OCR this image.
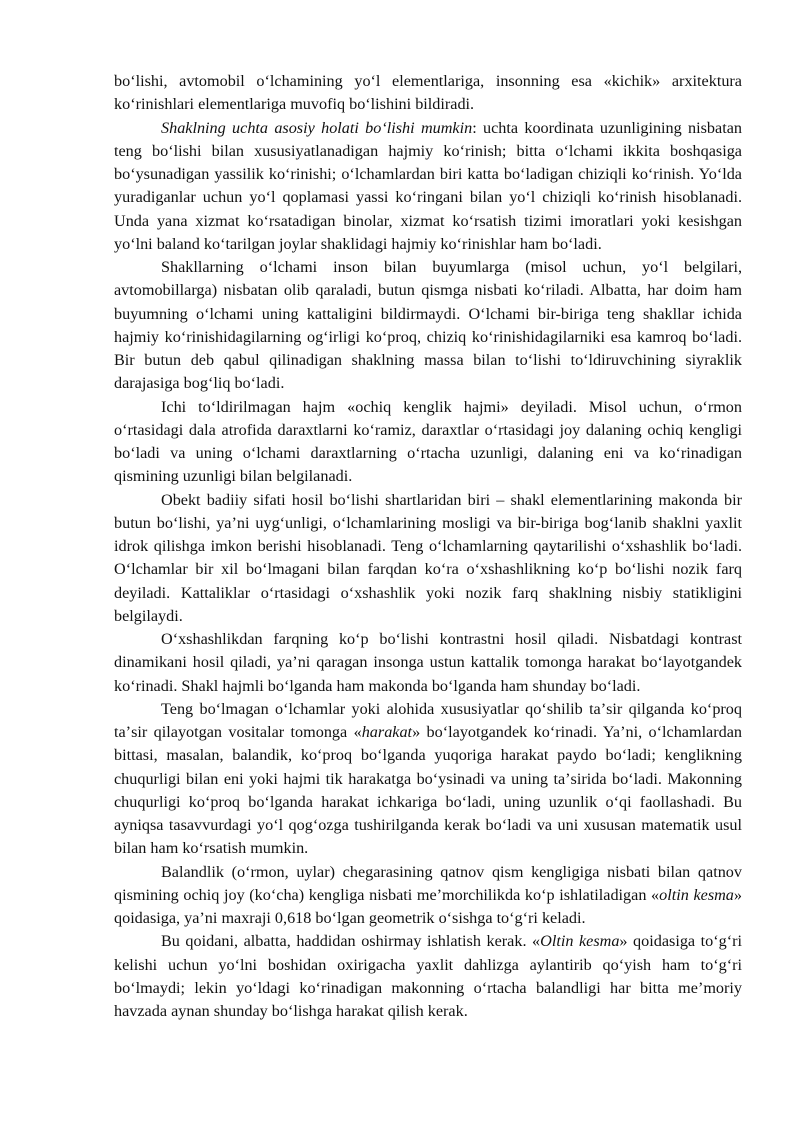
boʻlishi, avtomobil oʻlchamining yoʻl elementlariga, insonning esa «kichik» arxitektura koʻrinishlari elementlariga muvofiq boʻlishini bildiradi.

Shaklning uchta asosiy holati boʻlishi mumkin: uchta koordinata uzunligining nisbatan teng boʻlishi bilan xususiyatlanadigan hajmiy koʻrinish; bitta oʻlchami ikkita boshqasiga boʻysunadigan yassilik koʻrinishi; oʻlchamlardan biri katta boʻladigan chiziqli koʻrinish. Yoʻlda yuradiganlar uchun yoʻl qoplamasi yassi koʻringani bilan yoʻl chiziqli koʻrinish hisoblanadi. Unda yana xizmat koʻrsatadigan binolar, xizmat koʻrsatish tizimi imoratlari yoki kesishgan yoʻlni baland koʻtarilgan joylar shaklidagi hajmiy koʻrinishlar ham boʻladi.

Shakllarning oʻlchami inson bilan buyumlarga (misol uchun, yoʻl belgilari, avtomobillarga) nisbatan olib qaraladi, butun qismga nisbati koʻriladi. Albatta, har doim ham buyumning oʻlchami uning kattaligini bildirmaydi. Oʻlchami bir-biriga teng shakllar ichida hajmiy koʻrinishidagilarning ogʻirligi koʻproq, chiziq koʻrinishidagilarniki esa kamroq boʻladi. Bir butun deb qabul qilinadigan shaklning massa bilan toʻlishi toʻldiruvchining siyraklik darajasiga bogʻliq boʻladi.

Ichi toʻldirilmagan hajm «ochiq kenglik hajmi» deyiladi. Misol uchun, oʻrmon oʻrtasidagi dala atrofida daraxtlarni koʻramiz, daraxtlar oʻrtasidagi joy dalaning ochiq kengligi boʻladi va uning oʻlchami daraxtlarning oʻrtacha uzunligi, dalaning eni va koʻrinadigan qismining uzunligi bilan belgilanadi.

Obekt badiiy sifati hosil boʻlishi shartlaridan biri – shakl elementlarining makonda bir butun boʻlishi, yaʼni uygʻunligi, oʻlchamlarining mosligi va bir-biriga bogʻlanib shaklni yaxlit idrok qilishga imkon berishi hisoblanadi. Teng oʻlchamlarning qaytarilishi oʻxshashlik boʻladi. Oʻlchamlar bir xil boʻlmagani bilan farqdan koʻra oʻxshashlikning koʻp boʻlishi nozik farq deyiladi. Kattaliklar oʻrtasidagi oʻxshashlik yoki nozik farq shaklning nisbiy statikligini belgilaydi.

Oʻxshashlikdan farqning koʻp boʻlishi kontrastni hosil qiladi. Nisbatdagi kontrast dinamikani hosil qiladi, yaʼni qaragan insonga ustun kattalik tomonga harakat boʻlayotgandek koʻrinadi. Shakl hajmli boʻlganda ham makonda boʻlganda ham shunday boʻladi.

Teng boʻlmagan oʻlchamlar yoki alohida xususiyatlar qoʻshilib taʼsir qilganda koʻproq taʼsir qilayotgan vositalar tomonga «harakat» boʻlayotgandek koʻrinadi. Yaʼni, oʻlchamlardan bittasi, masalan, balandik, koʻproq boʻlganda yuqoriga harakat paydo boʻladi; kenglikning chuqurligi bilan eni yoki hajmi tik harakatga boʻysinadi va uning taʼsirida boʻladi. Makonning chuqurligi koʻproq boʻlganda harakat ichkariga boʻladi, uning uzunlik oʻqi faollashadi. Bu ayniqsa tasavvurdagi yoʻl qogʻozga tushirilganda kerak boʻladi va uni xususan matematik usul bilan ham koʻrsatish mumkin.

Balandlik (oʻrmon, uylar) chegarasining qatnov qism kengligiga nisbati bilan qatnov qismining ochiq joy (koʻcha) kengliga nisbati meʼmorchilikda koʻp ishlatiladigan «oltin kesma» qoidasiga, yaʼni maxraji 0,618 boʻlgan geometrik oʻsishga toʻgʻri keladi.

Bu qoidani, albatta, haddidan oshirmay ishlatish kerak. «Oltin kesma» qoidasiga toʻgʻri kelishi uchun yoʻlni boshidan oxirigacha yaxlit dahlizga aylantirib qoʻyish ham toʻgʻri boʻlmaydi; lekin yoʻldagi koʻrinadigan makonning oʻrtacha balandligi har bitta meʼmoriy havzada aynan shunday boʻlishga harakat qilish kerak.
